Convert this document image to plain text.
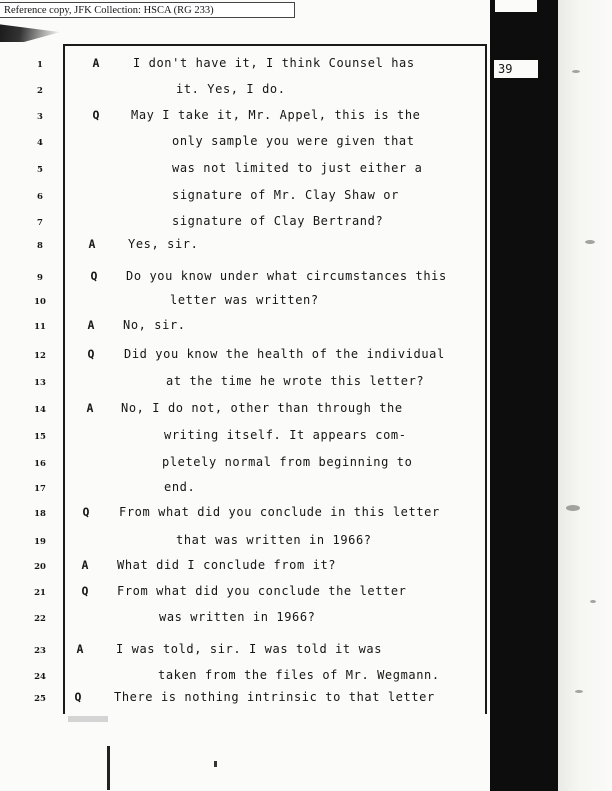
Reference copy, JFK Collection: HSCA (RG 233)
39
1	A	I don't have it, I think Counsel has
2	it. Yes, I do.
3	Q	May I take it, Mr. Appel, this is the
4	only sample you were given that
5	was not limited to just either a
6	signature of Mr. Clay Shaw or
7	signature of Clay Bertrand?
8	A	Yes, sir.
9	Q	Do you know under what circumstances this
10	letter was written?
11	A	No, sir.
12	Q	Did you know the health of the individual
13	at the time he wrote this letter?
14	A	No, I do not, other than through the
15	writing itself. It appears com-
16	pletely normal from beginning to
17	end.
18	Q	From what did you conclude in this letter
19	that was written in 1966?
20	A	What did I conclude from it?
21	Q	From what did you conclude the letter
22	was written in 1966?
23	A	I was told, sir. I was told it was
24	taken from the files of Mr. Wegmann.
25	Q	There is nothing intrinsic to that letter
